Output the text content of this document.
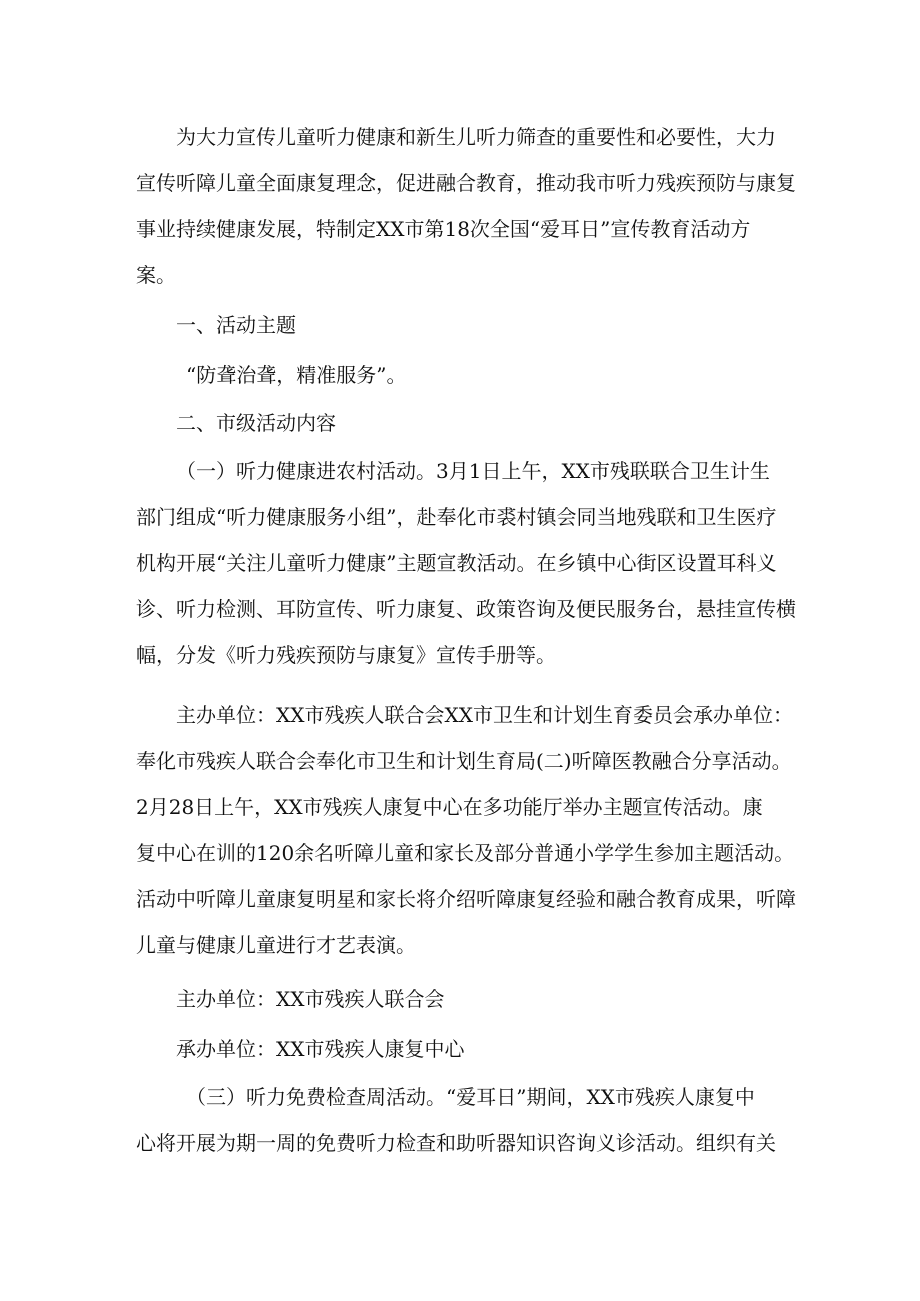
为大力宣传儿童听力健康和新生儿听力筛查的重要性和必要性，大力
宣传听障儿童全面康复理念，促进融合教育，推动我市听力残疾预防与康复
事业持续健康发展，特制定XX市第18次全国“爱耳日”宣传教育活动方
案。

一、活动主题

“防聋治聋，精准服务”。

二、市级活动内容

（一）听力健康进农村活动。3月1日上午，XX市残联联合卫生计生
部门组成“听力健康服务小组”，赴奉化市裘村镇会同当地残联和卫生医疗
机构开展“关注儿童听力健康”主题宣教活动。在乡镇中心街区设置耳科义
诊、听力检测、耳防宣传、听力康复、政策咨询及便民服务台，悬挂宣传横
幅，分发《听力残疾预防与康复》宣传手册等。

主办单位：XX市残疾人联合会XX市卫生和计划生育委员会承办单位：
奉化市残疾人联合会奉化市卫生和计划生育局(二)听障医教融合分享活动。
2月28日上午，XX市残疾人康复中心在多功能厅举办主题宣传活动。康
复中心在训的120余名听障儿童和家长及部分普通小学学生参加主题活动。
活动中听障儿童康复明星和家长将介绍听障康复经验和融合教育成果，听障
儿童与健康儿童进行才艺表演。

主办单位：XX市残疾人联合会

承办单位：XX市残疾人康复中心

（三）听力免费检查周活动。“爱耳日”期间，XX市残疾人康复中
心将开展为期一周的免费听力检查和助听器知识咨询义诊活动。组织有关
